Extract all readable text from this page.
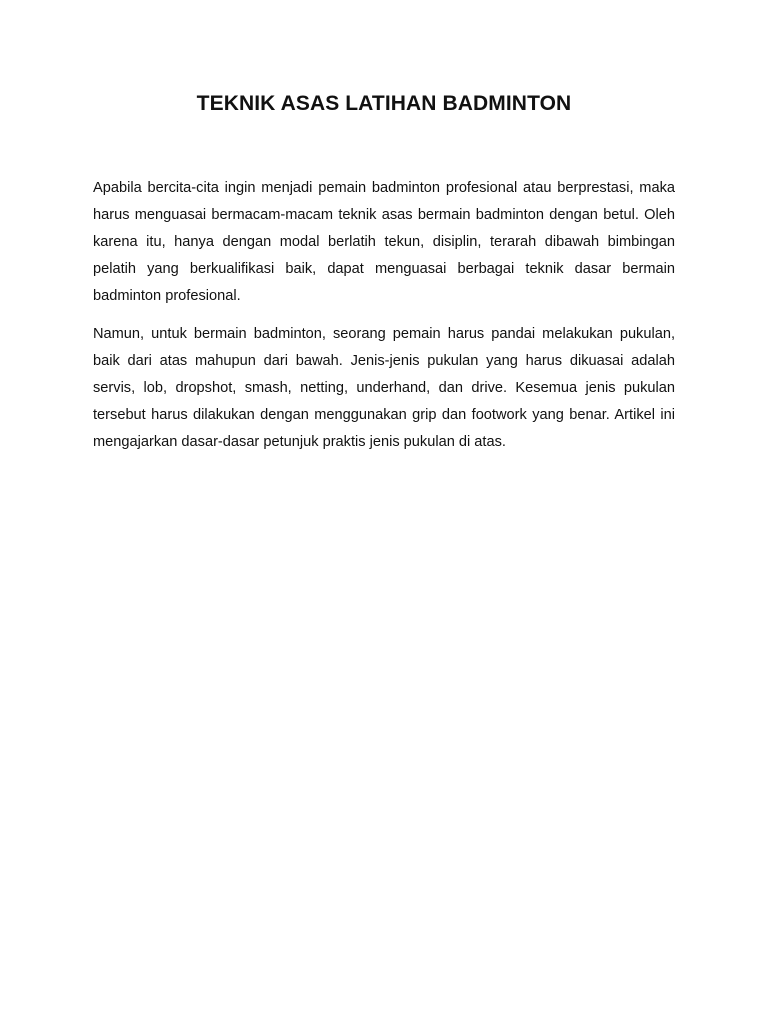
TEKNIK ASAS LATIHAN BADMINTON

Apabila bercita-cita ingin menjadi pemain badminton profesional atau berprestasi, maka harus menguasai bermacam-macam teknik asas bermain badminton dengan betul. Oleh karena itu, hanya dengan modal berlatih tekun, disiplin, terarah dibawah bimbingan pelatih yang berkualifikasi baik, dapat menguasai berbagai teknik dasar bermain badminton profesional.

Namun, untuk bermain badminton, seorang pemain harus pandai melakukan pukulan, baik dari atas mahupun dari bawah. Jenis-jenis pukulan yang harus dikuasai adalah servis, lob, dropshot, smash, netting, underhand, dan drive. Kesemua jenis pukulan tersebut harus dilakukan dengan menggunakan grip dan footwork yang benar. Artikel ini mengajarkan dasar-dasar petunjuk praktis jenis pukulan di atas.
